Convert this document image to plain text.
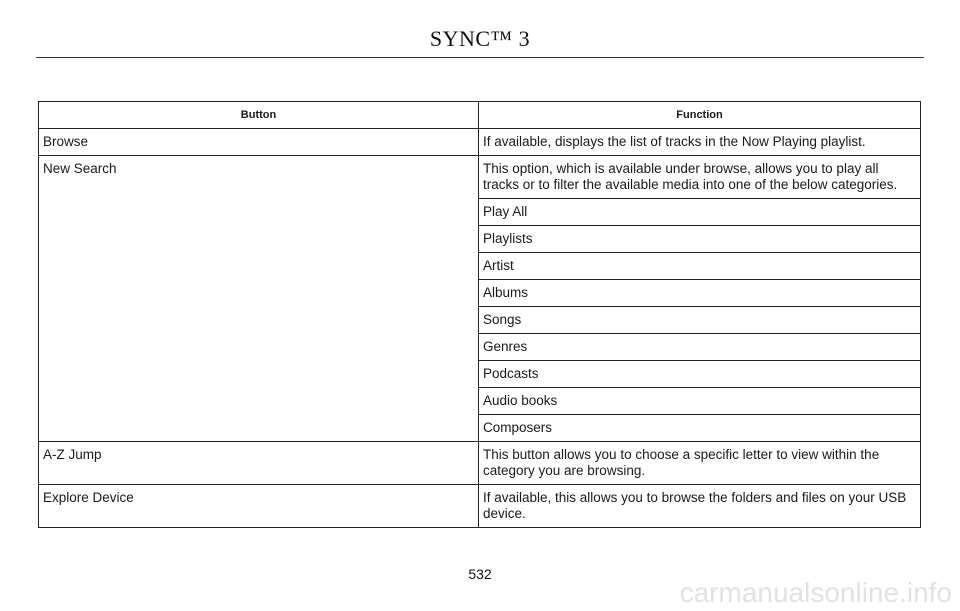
SYNC™ 3
Button	Function
Browse	If available, displays the list of tracks in the Now Playing playlist.
New Search	This option, which is available under browse, allows you to play all tracks or to filter the available media into one of the below categories.
	Play All
	Playlists
	Artist
	Albums
	Songs
	Genres
	Podcasts
	Audio books
	Composers
A-Z Jump	This button allows you to choose a specific letter to view within the category you are browsing.
Explore Device	If available, this allows you to browse the folders and files on your USB device.
532
carmanualsonline.info
